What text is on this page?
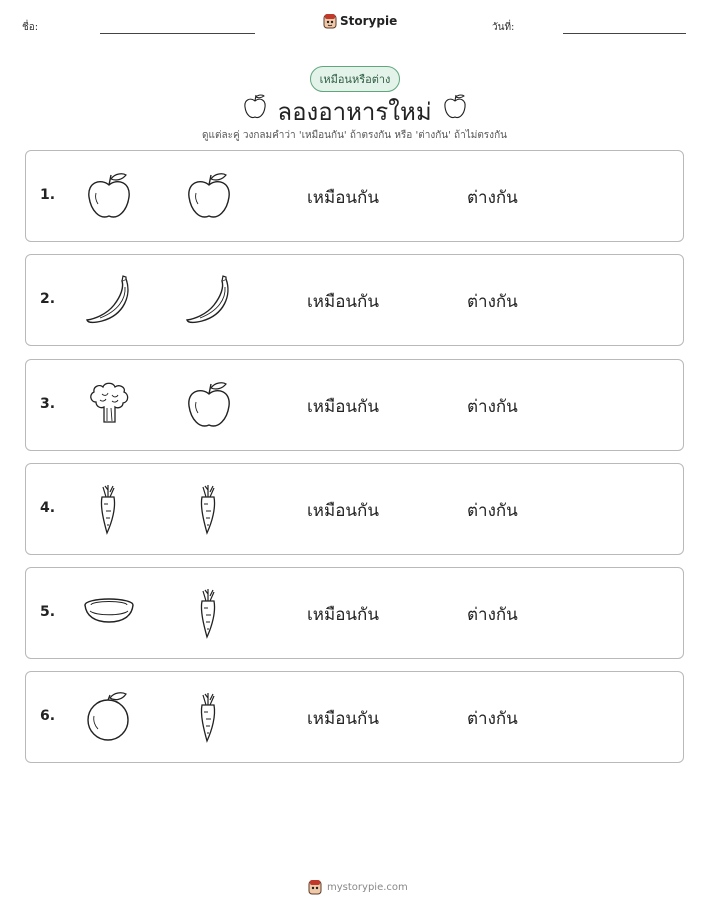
ชื่อ:	Storypie	วันที่:
เหมือนหรือต่าง
ลองอาหารใหม่
ดูแต่ละคู่ วงกลมคำว่า 'เหมือนกัน' ถ้าตรงกัน หรือ 'ต่างกัน' ถ้าไม่ตรงกัน
1.	เหมือนกัน	ต่างกัน
2.	เหมือนกัน	ต่างกัน
3.	เหมือนกัน	ต่างกัน
4.	เหมือนกัน	ต่างกัน
5.	เหมือนกัน	ต่างกัน
6.	เหมือนกัน	ต่างกัน
mystorypie.com
